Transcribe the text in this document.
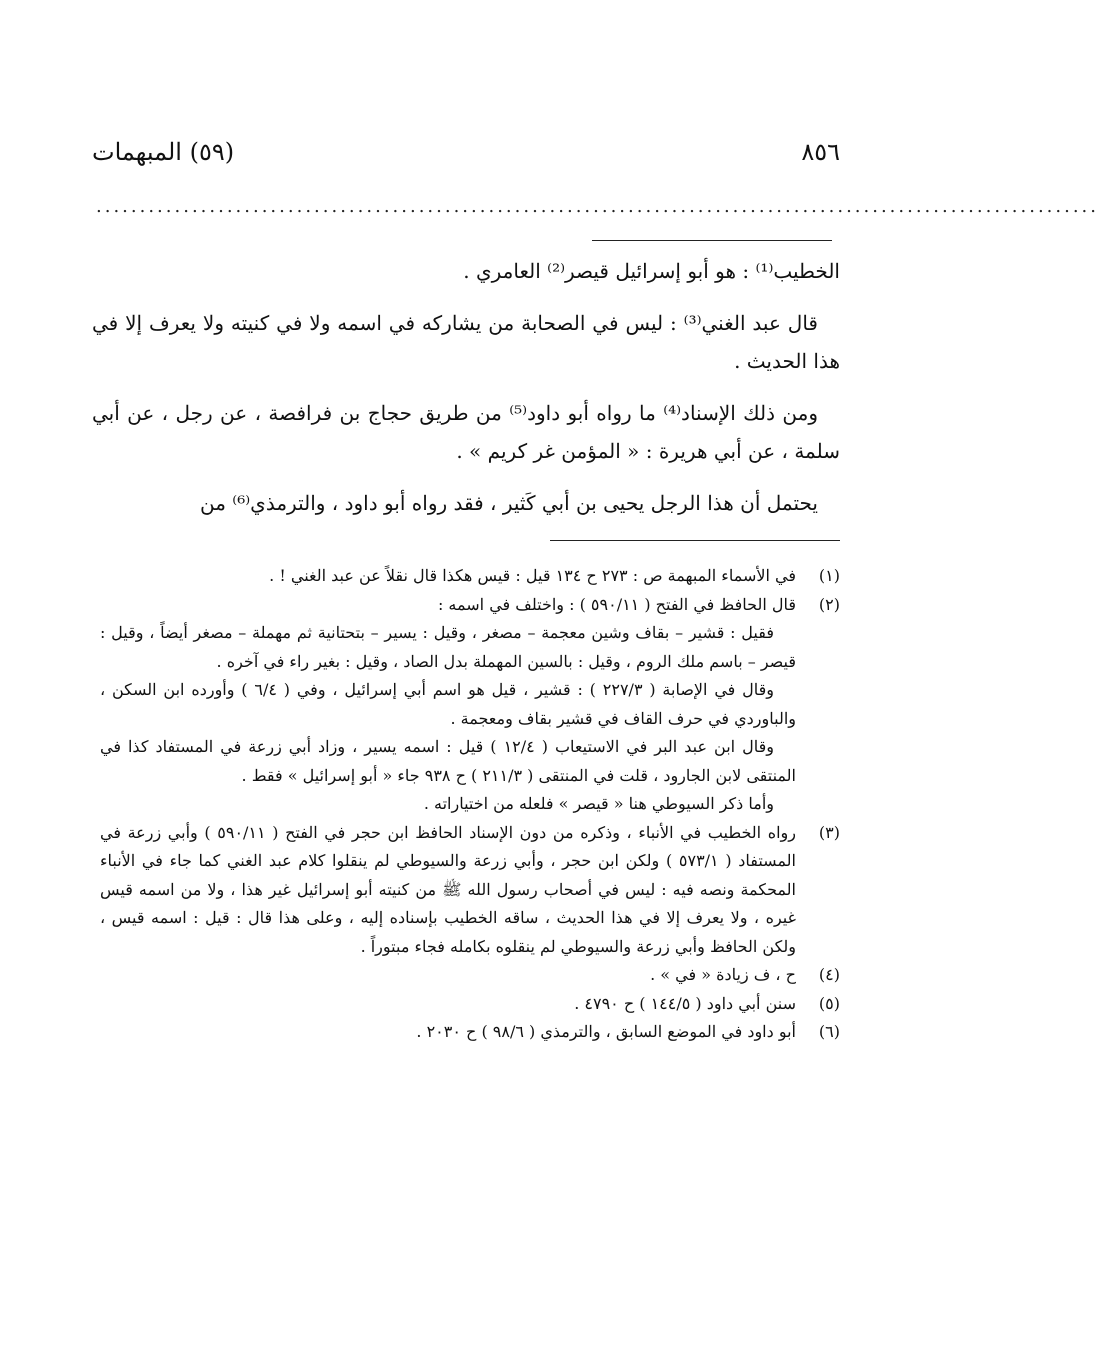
٨٥٦
(٥٩) المبهمات
...................................................................................................................

الخطيب⁽¹⁾ : هو أبو إسرائيل قيصر⁽²⁾ العامري .

قال عبد الغني⁽³⁾ : ليس في الصحابة من يشاركه في اسمه ولا في كنيته ولا يعرف إلا في هذا الحديث .

ومن ذلك الإسناد⁽⁴⁾ ما رواه أبو داود⁽⁵⁾ من طريق حجاج بن فرافصة ، عن رجل ، عن أبي سلمة ، عن أبي هريرة : « المؤمن غر كريم » .

يحتمل أن هذا الرجل يحيى بن أبي كَثير ، فقد رواه أبو داود ، والترمذي⁽⁶⁾ من

(١)
في الأسماء المبهمة ص : ٢٧٣ ح ١٣٤ قيل : قيس هكذا قال نقلاً عن عبد الغني ! .
(٢)
قال الحافظ في الفتح ( ٥٩٠/١١ ) : واختلف في اسمه :
فقيل : قشير – بقاف وشين معجمة – مصغر ، وقيل : يسير – بتحتانية ثم مهملة – مصغر أيضاً ، وقيل : قيصر – باسم ملك الروم ، وقيل : بالسين المهملة بدل الصاد ، وقيل : بغير راء في آخره .
وقال في الإصابة ( ٢٢٧/٣ ) : قشير ، قيل هو اسم أبي إسرائيل ، وفي ( ٦/٤ ) وأورده ابن السكن ، والباوردي في حرف القاف في قشير بقاف ومعجمة .
وقال ابن عبد البر في الاستيعاب ( ١٢/٤ ) قيل : اسمه يسير ، وزاد أبي زرعة في المستفاد كذا في المنتقى لابن الجارود ، قلت في المنتقى ( ٢١١/٣ ) ح ٩٣٨ جاء « أبو إسرائيل » فقط .
وأما ذكر السيوطي هنا « قيصر » فلعله من اختياراته .
(٣)
رواه الخطيب في الأنباء ، وذكره من دون الإسناد الحافظ ابن حجر في الفتح ( ٥٩٠/١١ ) وأبي زرعة في المستفاد ( ٥٧٣/١ ) ولكن ابن حجر ، وأبي زرعة والسيوطي لم ينقلوا كلام عبد الغني كما جاء في الأنباء المحكمة ونصه فيه : ليس في أصحاب رسول الله ﷺ من كنيته أبو إسرائيل غير هذا ، ولا من اسمه قيس غيره ، ولا يعرف إلا في هذا الحديث ، ساقه الخطيب بإسناده إليه ، وعلى هذا قال : قيل : اسمه قيس ، ولكن الحافظ وأبي زرعة والسيوطي لم ينقلوه بكامله فجاء مبتوراً .
(٤)
ح ، ف زيادة « في » .
(٥)
سنن أبي داود ( ١٤٤/٥ ) ح ٤٧٩٠ .
(٦)
أبو داود في الموضع السابق ، والترمذي ( ٩٨/٦ ) ح ٢٠٣٠ .
